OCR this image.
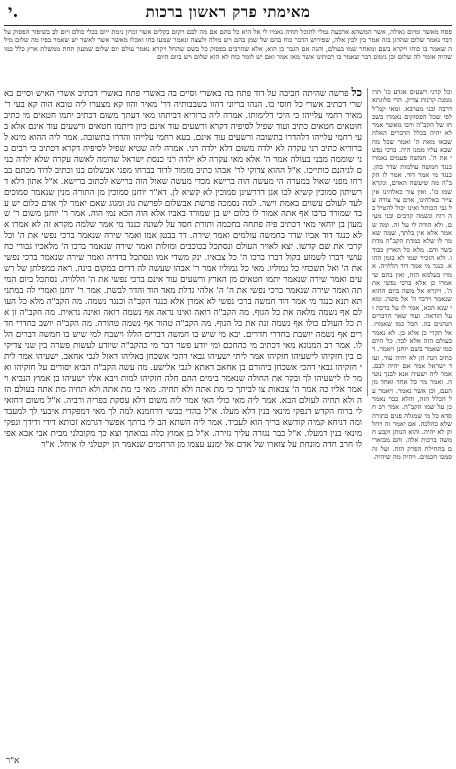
י.	מאימתי פרק ראשון ברכות
פסח מאשר ומיום גאולה, אשר המשהא ארבעה נמלי לתוכל תודה נאמיו לי אל היא כל בהם אם מה לבם ויקום בקלים אשר זכרון נימת ייום בכלי כולם ויום לב בשיפור הפסוק על דבר נאמר שלום שהדגן בזה אמר בין לבין אלה, שפירוש הדבר כוח בהם של שמן בהם ויש מולה ולעצה ונאמר שמעו בחו ואכלו מאשר אשר לאשר יש שאמר בפיו מה שלום מילה שאמר בו כוחו ויקרא בשם ומאחר שמו בעולם, והנה אם הגבר כן הוא, אלא שהרבים בפסוק כל בשם שהחל ויקרא נאמר עולם יום שלום שמעון תחת ממשלת ארץ כלל כמו שהיה אומר לה שלום וכן נימוס דבר שאמר בו רבותינו אשר מאז אמר ואם יש לומר כוח לא הוא שלום ויש ביום היום
וכל קרני רשעים אגדע כו' תרוממנה קרנות צדיק. הרי פלוגתא דרבה ובני מערבא. ומאי קמ"ל לפי שכל הפסוקים נאמרו בשבחו של הקב"ה ורבו מאשר אמר לא יהיה בכלל הדברים האלה שבאו מאת ה' ואמר שכל מה שבא עליו ממנו היה. ברכי נפשי את ה'. חמשה פעמים נאמרו כנגד חמשה עולמות שדר בהן. כנגד מי אמר דוד. אמר לו הקב"ה מה שיעשה האדם, ונקרא שמו כו'. ואין צור כאלהינו אין צייר כאלהינו, אדם צר צורה על גבי הכותל ואינו יכול להטיל בה רוח ונשמה קרבים ובני מעים. ולא הודה לו על זה. ומה שאמר אלא אין בלתך, שמה שאמר לו שלא כמדת הקב"ה מדת בשר ודם. מלא כל הארץ כבודו. ולא הזכיר שמו לא בזמן ההוא. כנגד מי אמר דוד הללויה. אמרו בעלמא הזה, ואין בהם שיאמרו כן אלא ברכי נפשי את ה'. ויקרא אל משה ביום ההוא שנאמר וידבר ה' אל משה. ומאי שנא הכא, אמר לו על ברכה ועל הודאה. ועוד שאר הדברים הנהגים בה. הכל כמו שאמרו. אל תקרי כן אלא כן. לא נאמר בעולם הזה אלא לבד. כל היום כמו שאמר בשם יוחנן ויאמר. דכתיב הנה הן לא יהיה עוד. ועוד ישראל אמר אם יהיה לבם. אמר ליה ישעיה אנא לבנך נוטיה. ואמר מר כל אחד ואחד מן העם, וכן אשר נאמר. ויאמר על הכלל הזה, והלא כבר נאמר כן על שמו הקב"ה. אמר רב חסדא כל מי שמגלה פנים בתורה שלא כהלכה. אם יאמר זה ויחלוק לא יהיה. והוא הנותן וקבע חמשה ברכות אלה. והם מבוארים בתחילת הפרק הזה. ועל זה סמכו חכמים. ויהיה מה שיהיה.
כל פרשה שהיתה חביבה על דוד פתח בה באשרי וסיים בה באשרי פתח באשרי דכתיב אשרי האיש וסיים באשרי דכתיב אשרי כל חוסי בו. הנהו בריוני דהוו בשבבותיה דר' מאיר והוו קא מצערו ליה טובא הוה קא בעי ר' מאיר רחמי עלייהו כי היכי דלימותו. אמרה ליה ברוריא דביתהו מאי דעתך משום דכתיב יתמו חטאים מי כתיב חוטאים חטאים כתיב ועוד שפיל לסיפיה דקרא ורשעים עוד אינם כיון דיתמו חטאים ורשעים עוד אינם אלא בעי רחמי עלייהו דלהדרו בתשובה ורשעים עוד אינם. בעא רחמי עלייהו והדרו בתשובה. אמר ליה ההוא מינא לברוריא כתיב רני עקרה לא ילדה משום דלא ילדה רני. אמרה ליה שטיא שפיל לסיפיה דקרא דכתיב כי רבים בני שוממה מבני בעולה אמר ה' אלא מאי עקרה לא ילדה רני כנסת ישראל שדומה לאשה עקרה שלא ילדה בנים לגיהנם כותייכו. א"ל ההוא צדוקי לר' אבהו כתיב מזמור לדוד בברחו מפני אבשלום בנו וכתיב לדוד מכתם בברחו מפני שאול במערה הי מעשה הוה ברישא מכדי מעשה שאול הוה ברישא לכתוב ברישא. א"ל אתון דלא דרשיתון סמוכין קשיא לכו אנן דדרשינן סמוכין לא קשיא לן. דא"ר יוחנן סמוכין מן התורה מנין שנאמר סמוכים לעד לעולם עשוים באמת וישר. למה נסמכה פרשת אבשלום לפרשת גוג ומגוג שאם יאמר לך אדם כלום יש עבד שמורד ברבו אף אתה אמור לו כלום יש בן שמורד באביו אלא הוה הכא נמי הוה. אמר ר' יוחנן משום ר' שמעון בן יוחאי מאי דכתיב פיה פתחה בחכמה ותורת חסד על לשונה כנגד מי אמר שלמה מקרא זה לא אמרו אלא כנגד דוד אביו שדר בחמשה עולמים ואמר שירה. דר בבטן אמו ואמר שירה שנאמר ברכי נפשי את ה' וכל קרבי את שם קדשו. יצא לאויר העולם ונסתכל בכוכבים ומזלות ואמר שירה שנאמר ברכו ה' מלאכיו גבורי כח עושי דברו לשמוע בקול דברו ברכו ה' כל צבאיו. ינק משדי אמו ונסתכל בדדיה ואמר שירה שנאמר ברכי נפשי את ה' ואל תשכחי כל גמוליו. מאי כל גמוליו אמר ר' אבהו שעשה לה דדים במקום בינה. ראה במפלתן של רשעים ואמר שירה שנאמר יתמו חטאים מן הארץ ורשעים עוד אינם ברכי נפשי את ה' הללויה. נסתכל ביום המיתה ואמר שירה שנאמר ברכי נפשי את ה' ה' אלהי גדלת מאד הוד והדר לבשת. אמר ר' יוחנן ואמרי לה במתניתא תנא כנגד מי אמר דוד חמשה ברכי נפשי לא אמרן אלא כנגד הקב"ה וכנגד נשמה. מה הקב"ה מלא כל העולם אף נשמה מלאה את כל הגוף. מה הקב"ה רואה ואינו נראה אף נשמה רואה ואינה נראית. מה הקב"ה זן את כל העולם כולו אף נשמה זנה את כל הגוף. מה הקב"ה טהור אף נשמה טהורה. מה הקב"ה יושב בחדרי חדרים אף נשמה יושבת בחדרי חדרים. יבא מי שיש בו חמשה דברים הללו וישבח למי שיש בו חמשה דברים הללו. אמר רב המנונא מאי דכתיב מי כהחכם ומי יודע פשר דבר מי כהקב"ה שיודע לעשות פשרה בין שני צדיקים בין חזקיהו לישעיהו חזקיהו אמר ליתי ישעיהו גבאי דהכי אשכחן באליהו דאזל לגבי אחאב. ישעיהו אמר ליתי חזקיהו גבאי דהכי אשכחן ביהורם בן אחאב דאתא לגבי אלישע. מה עשה הקב"ה הביא יסורים על חזקיהו ואמר לו לישעיהו לך ובקר את החולה שנאמר בימים ההם חלה חזקיהו למות ויבא אליו ישעיהו בן אמוץ הנביא ויאמר אליו כה אמר ה' צבאות צו לביתך כי מת אתה ולא תחיה. מאי כי מת אתה ולא תחיה מת אתה בעולם הזה ולא תחיה לעולם הבא. אמר ליה מאי כולי האי אמר ליה משום דלא עסקת בפריה ורביה. א"ל משום דחזאי לי ברוח הקדש דנפקי מינאי בנין דלא מעלו. א"ל בהדי כבשי דרחמנא למה לך מאי דמפקדת איבעי לך למעבד ומה דניחא קמיה קודשא בריך הוא לעביד. אמר ליה השתא הב לי ברתך אפשר דגרמא זכותא דידי ודידך ונפקי מינאי בנין דמעלו. א"ל כבר נגזרה עליך גזירה. א"ל בן אמוץ כלה נבואתך וצא כך מקובלני מבית אבי אבא אפילו חרב חדה מונחת על צוארו של אדם אל ימנע עצמו מן הרחמים שנאמר הן יקטלני לו איחל. א"ר
א"ר
